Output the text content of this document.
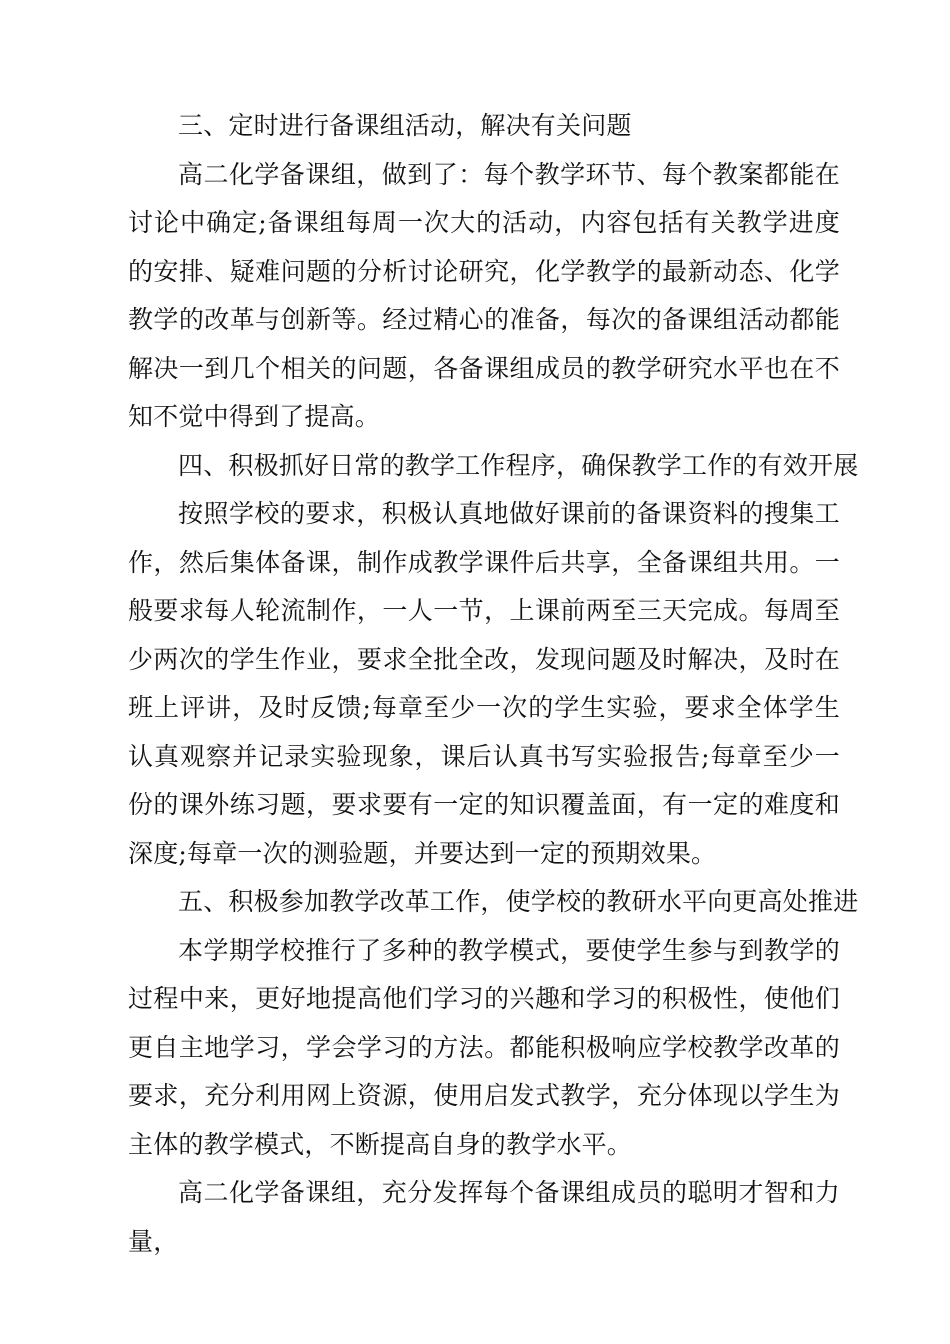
三、定时进行备课组活动，解决有关问题

高二化学备课组，做到了：每个教学环节、每个教案都能在讨论中确定;备课组每周一次大的活动，内容包括有关教学进度的安排、疑难问题的分析讨论研究，化学教学的最新动态、化学教学的改革与创新等。经过精心的准备，每次的备课组活动都能解决一到几个相关的问题，各备课组成员的教学研究水平也在不知不觉中得到了提高。

四、积极抓好日常的教学工作程序，确保教学工作的有效开展

按照学校的要求，积极认真地做好课前的备课资料的搜集工作，然后集体备课，制作成教学课件后共享，全备课组共用。一般要求每人轮流制作，一人一节，上课前两至三天完成。每周至少两次的学生作业，要求全批全改，发现问题及时解决，及时在班上评讲，及时反馈;每章至少一次的学生实验，要求全体学生认真观察并记录实验现象，课后认真书写实验报告;每章至少一份的课外练习题，要求要有一定的知识覆盖面，有一定的难度和深度;每章一次的测验题，并要达到一定的预期效果。

五、积极参加教学改革工作，使学校的教研水平向更高处推进

本学期学校推行了多种的教学模式，要使学生参与到教学的过程中来，更好地提高他们学习的兴趣和学习的积极性，使他们更自主地学习，学会学习的方法。都能积极响应学校教学改革的要求，充分利用网上资源，使用启发式教学，充分体现以学生为主体的教学模式，不断提高自身的教学水平。

高二化学备课组，充分发挥每个备课组成员的聪明才智和力量，
